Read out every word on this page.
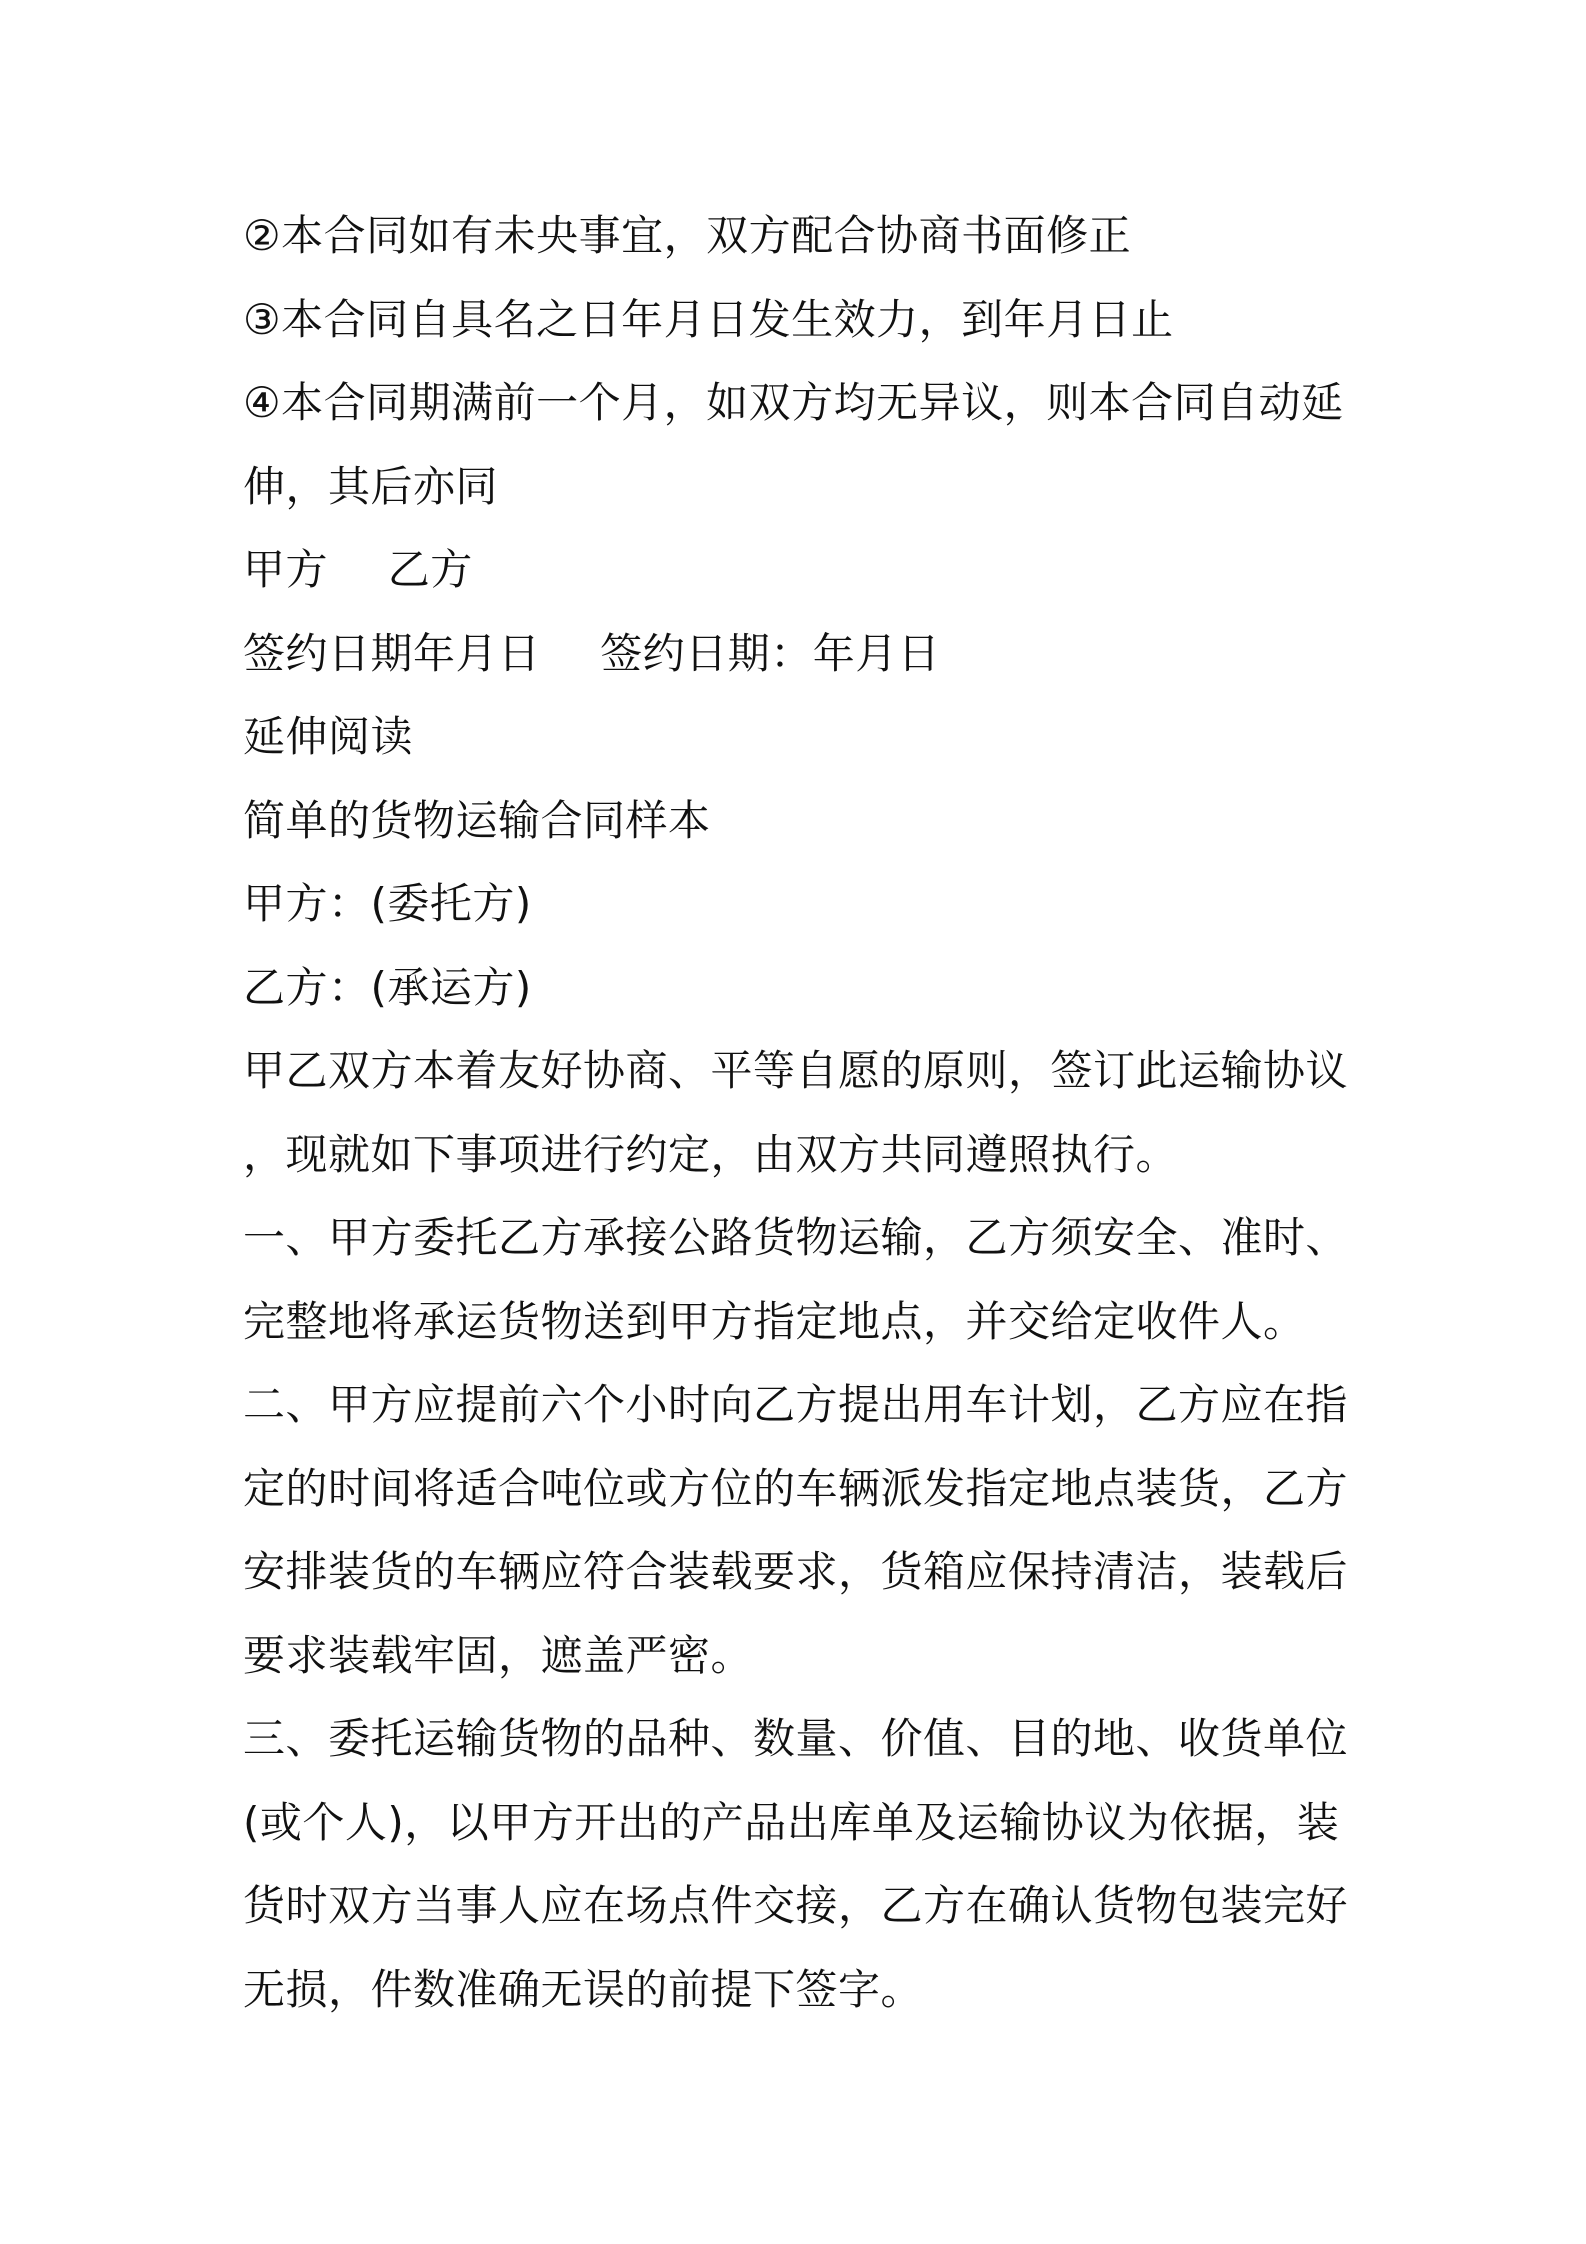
②本合同如有未央事宜，双方配合协商书面修正
③本合同自具名之日年月日发生效力，到年月日止
④本合同期满前一个月，如双方均无异议，则本合同自动延
伸，其后亦同
甲方  乙方
签约日期年月日  签约日期：年月日
延伸阅读
简单的货物运输合同样本
甲方：(委托方)
乙方：(承运方)
甲乙双方本着友好协商、平等自愿的原则，签订此运输协议
，现就如下事项进行约定，由双方共同遵照执行。
一、甲方委托乙方承接公路货物运输，乙方须安全、准时、
完整地将承运货物送到甲方指定地点，并交给定收件人。
二、甲方应提前六个小时向乙方提出用车计划，乙方应在指
定的时间将适合吨位或方位的车辆派发指定地点装货，乙方
安排装货的车辆应符合装载要求，货箱应保持清洁，装载后
要求装载牢固，遮盖严密。
三、委托运输货物的品种、数量、价值、目的地、收货单位
(或个人)，以甲方开出的产品出库单及运输协议为依据，装
货时双方当事人应在场点件交接，乙方在确认货物包装完好
无损，件数准确无误的前提下签字。
